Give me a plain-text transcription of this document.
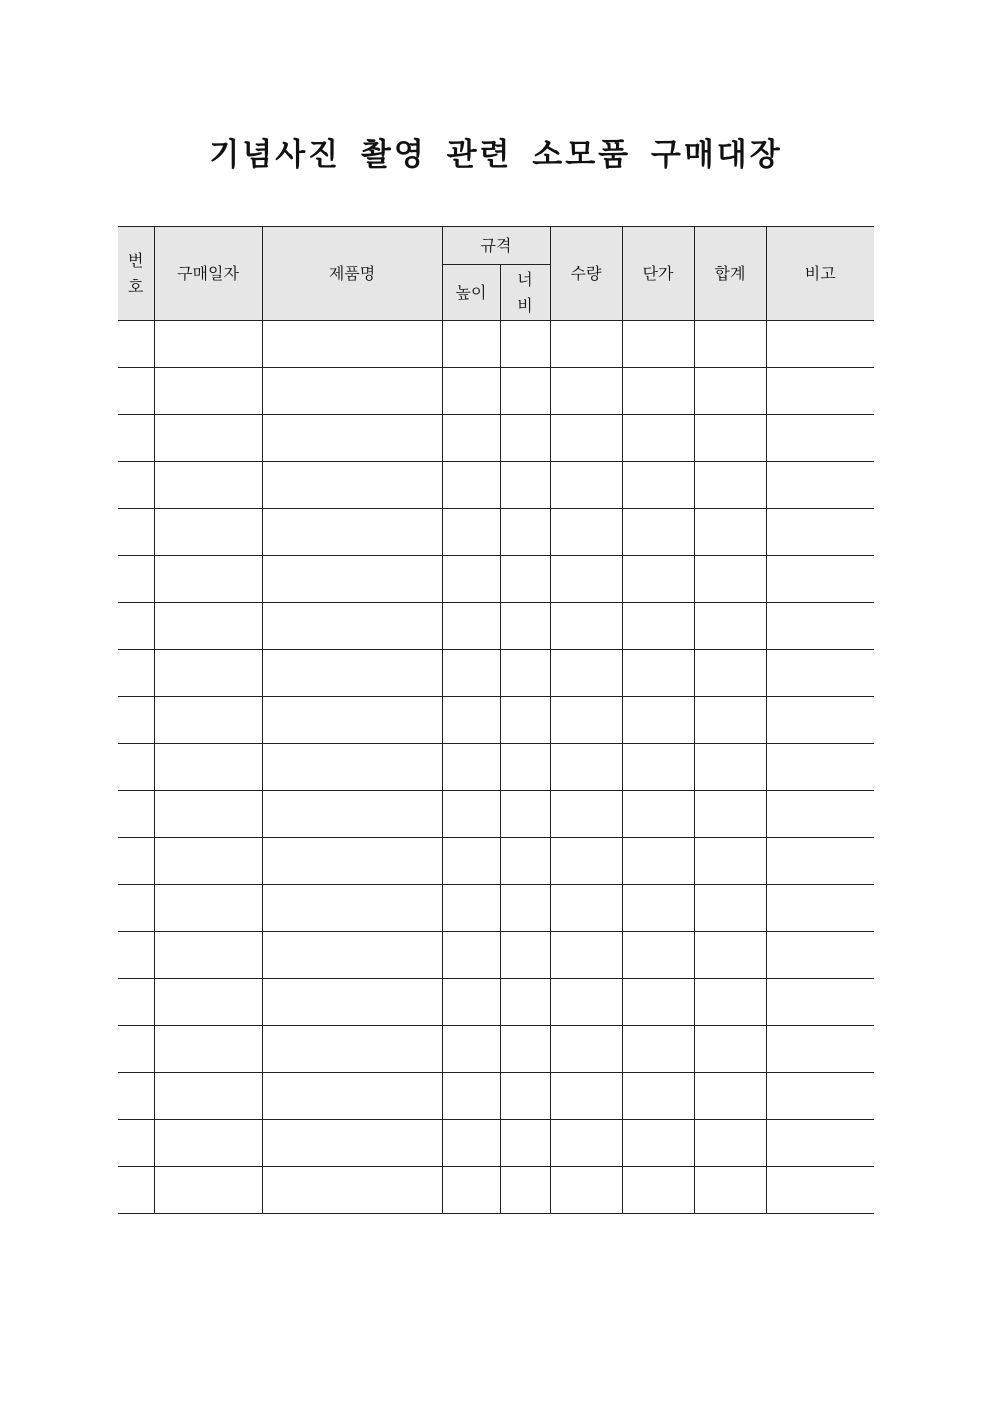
기념사진 촬영 관련 소모품 구매대장
번호	구매일자	제품명	규격		수량	단가	합계	비고
			높이	너비				
